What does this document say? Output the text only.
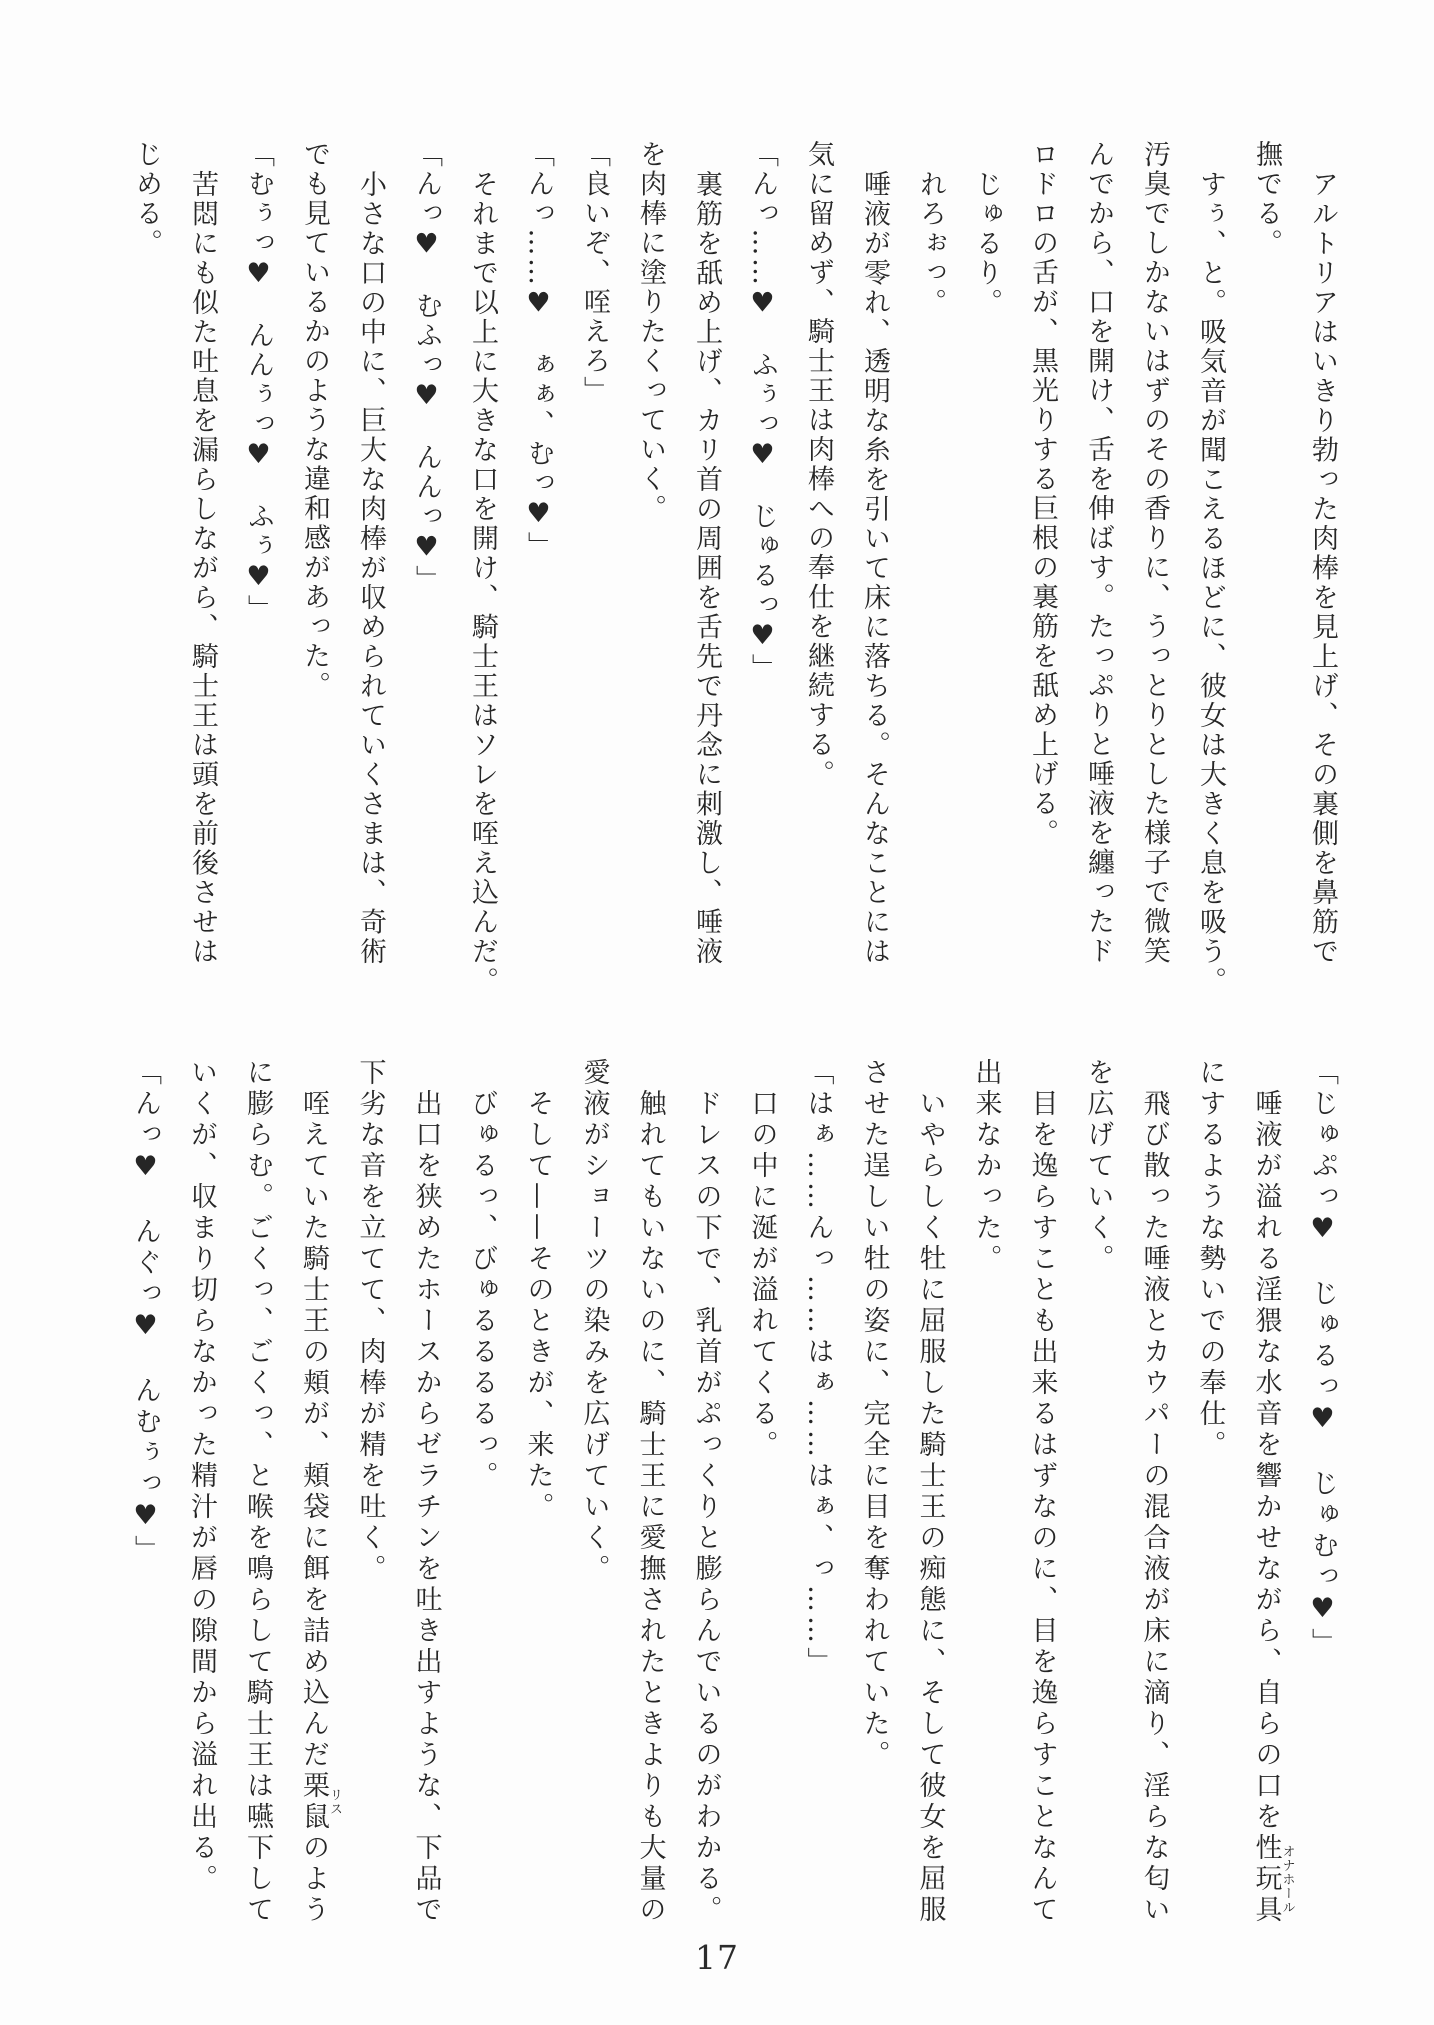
アルトリアはいきり勃った肉棒を見上げ、その裏側を鼻筋で
撫でる。
すぅ、と。吸気音が聞こえるほどに、彼女は大きく息を吸う。
汚臭でしかないはずのその香りに、うっとりとした様子で微笑
んでから、口を開け、舌を伸ばす。たっぷりと唾液を纏ったド
ロドロの舌が、黒光りする巨根の裏筋を舐め上げる。
じゅるり。
れろぉっ。
唾液が零れ、透明な糸を引いて床に落ちる。そんなことには
気に留めず、騎士王は肉棒への奉仕を継続する。
「んっ……♥　ふぅっ♥　じゅるっ♥」
裏筋を舐め上げ、カリ首の周囲を舌先で丹念に刺激し、唾液
を肉棒に塗りたくっていく。
「良いぞ、咥えろ」
「んっ……♥　ぁぁ、むっ♥」
それまで以上に大きな口を開け、騎士王はソレを咥え込んだ。
「んっ♥　むふっ♥　んんっ♥」
小さな口の中に、巨大な肉棒が収められていくさまは、奇術
でも見ているかのような違和感があった。
「むぅっ♥　んんぅっ♥　ふぅ♥」
苦悶にも似た吐息を漏らしながら、騎士王は頭を前後させは
じめる。
「じゅぷっ♥　じゅるっ♥　じゅむっ♥」
唾液が溢れる淫猥な水音を響かせながら、自らの口を性玩具オナホール
にするような勢いでの奉仕。
飛び散った唾液とカウパーの混合液が床に滴り、淫らな匂い
を広げていく。
目を逸らすことも出来るはずなのに、目を逸らすことなんて
出来なかった。
いやらしく牡に屈服した騎士王の痴態に、そして彼女を屈服
させた逞しい牡の姿に、完全に目を奪われていた。
「はぁ……んっ……はぁ……はぁ、っ……」
口の中に涎が溢れてくる。
ドレスの下で、乳首がぷっくりと膨らんでいるのがわかる。
触れてもいないのに、騎士王に愛撫されたときよりも大量の
愛液がショーツの染みを広げていく。
そして——そのときが、来た。
びゅるっ、びゅるるるるっ。
出口を狭めたホースからゼラチンを吐き出すような、下品で
下劣な音を立てて、肉棒が精を吐く。
咥えていた騎士王の頬が、頬袋に餌を詰め込んだ栗鼠リスのよう
に膨らむ。ごくっ、ごくっ、と喉を鳴らして騎士王は嚥下して
いくが、収まり切らなかった精汁が唇の隙間から溢れ出る。
「んっ♥　んぐっ♥　んむぅっ♥」
17
